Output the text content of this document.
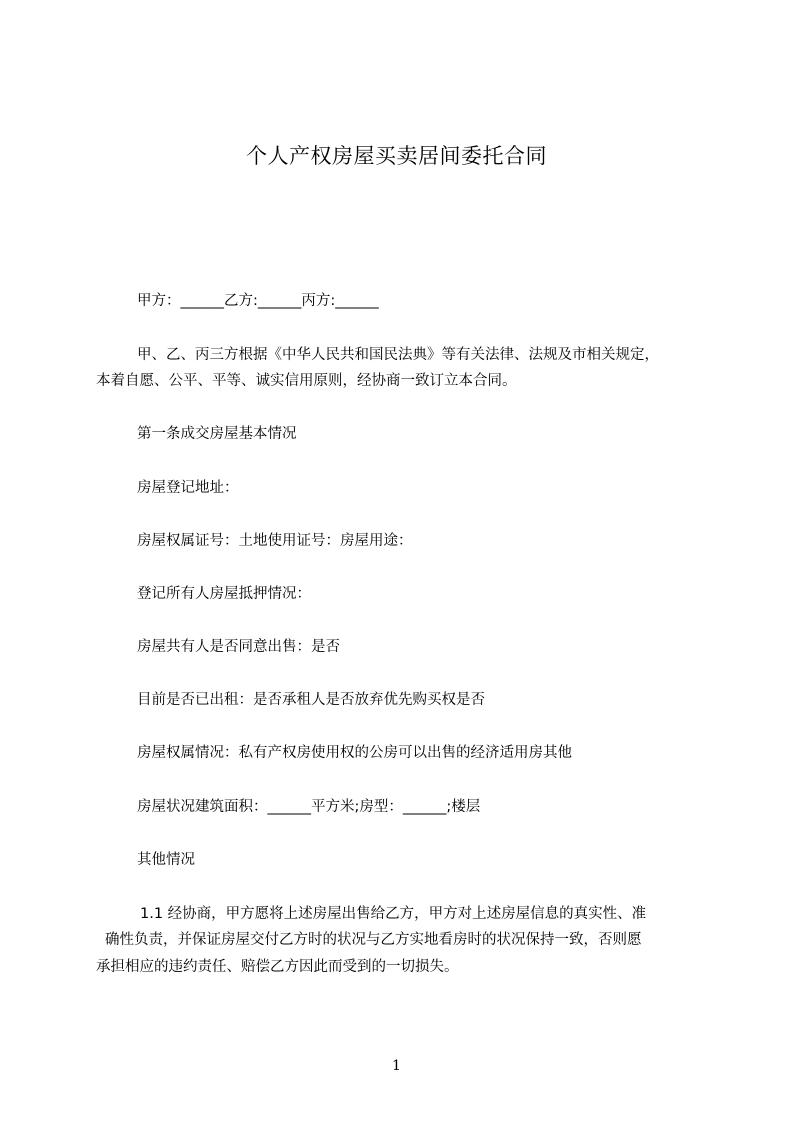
个人产权房屋买卖居间委托合同
甲方：______乙方:______丙方:______
甲、乙、丙三方根据《中华人民共和国民法典》等有关法律、法规及市相关规定，
本着自愿、公平、平等、诚实信用原则，经协商一致订立本合同。
第一条成交房屋基本情况
房屋登记地址：
房屋权属证号：土地使用证号：房屋用途：
登记所有人房屋抵押情况：
房屋共有人是否同意出售：是否
目前是否已出租：是否承租人是否放弃优先购买权是否
房屋权属情况：私有产权房使用权的公房可以出售的经济适用房其他
房屋状况建筑面积：______平方米;房型：______;楼层
其他情况
1.1 经协商，甲方愿将上述房屋出售给乙方，甲方对上述房屋信息的真实性、准
确性负责，并保证房屋交付乙方时的状况与乙方实地看房时的状况保持一致，否则愿
承担相应的违约责任、赔偿乙方因此而受到的一切损失。
1
